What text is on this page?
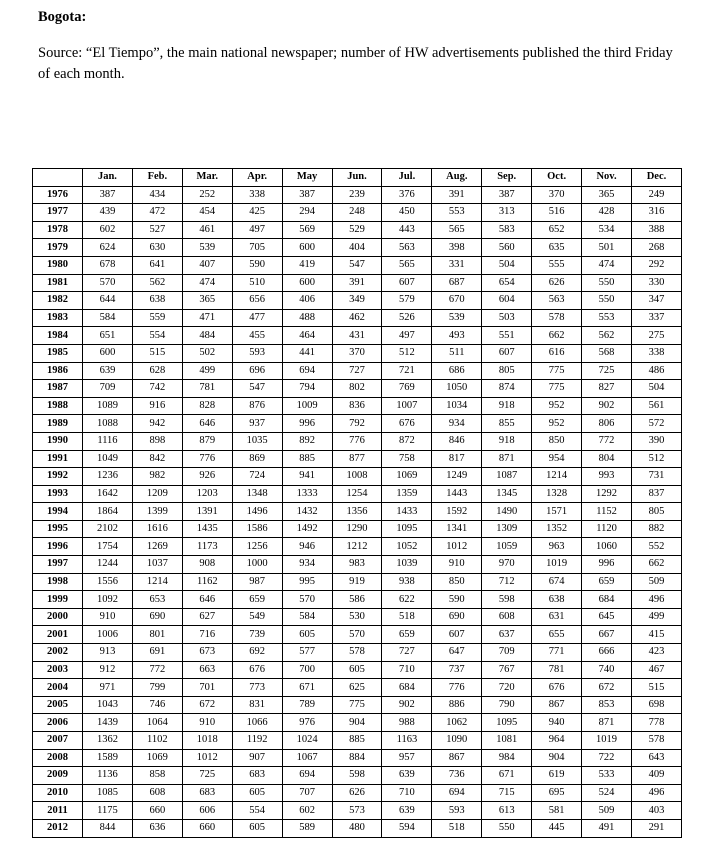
Bogota:

Source: “El Tiempo”, the main national newspaper; number of HW advertisements published the third Friday of each month.

	Jan.	Feb.	Mar.	Apr.	May	Jun.	Jul.	Aug.	Sep.	Oct.	Nov.	Dec.
1976	387	434	252	338	387	239	376	391	387	370	365	249
1977	439	472	454	425	294	248	450	553	313	516	428	316
1978	602	527	461	497	569	529	443	565	583	652	534	388
1979	624	630	539	705	600	404	563	398	560	635	501	268
1980	678	641	407	590	419	547	565	331	504	555	474	292
1981	570	562	474	510	600	391	607	687	654	626	550	330
1982	644	638	365	656	406	349	579	670	604	563	550	347
1983	584	559	471	477	488	462	526	539	503	578	553	337
1984	651	554	484	455	464	431	497	493	551	662	562	275
1985	600	515	502	593	441	370	512	511	607	616	568	338
1986	639	628	499	696	694	727	721	686	805	775	725	486
1987	709	742	781	547	794	802	769	1050	874	775	827	504
1988	1089	916	828	876	1009	836	1007	1034	918	952	902	561
1989	1088	942	646	937	996	792	676	934	855	952	806	572
1990	1116	898	879	1035	892	776	872	846	918	850	772	390
1991	1049	842	776	869	885	877	758	817	871	954	804	512
1992	1236	982	926	724	941	1008	1069	1249	1087	1214	993	731
1993	1642	1209	1203	1348	1333	1254	1359	1443	1345	1328	1292	837
1994	1864	1399	1391	1496	1432	1356	1433	1592	1490	1571	1152	805
1995	2102	1616	1435	1586	1492	1290	1095	1341	1309	1352	1120	882
1996	1754	1269	1173	1256	946	1212	1052	1012	1059	963	1060	552
1997	1244	1037	908	1000	934	983	1039	910	970	1019	996	662
1998	1556	1214	1162	987	995	919	938	850	712	674	659	509
1999	1092	653	646	659	570	586	622	590	598	638	684	496
2000	910	690	627	549	584	530	518	690	608	631	645	499
2001	1006	801	716	739	605	570	659	607	637	655	667	415
2002	913	691	673	692	577	578	727	647	709	771	666	423
2003	912	772	663	676	700	605	710	737	767	781	740	467
2004	971	799	701	773	671	625	684	776	720	676	672	515
2005	1043	746	672	831	789	775	902	886	790	867	853	698
2006	1439	1064	910	1066	976	904	988	1062	1095	940	871	778
2007	1362	1102	1018	1192	1024	885	1163	1090	1081	964	1019	578
2008	1589	1069	1012	907	1067	884	957	867	984	904	722	643
2009	1136	858	725	683	694	598	639	736	671	619	533	409
2010	1085	608	683	605	707	626	710	694	715	695	524	496
2011	1175	660	606	554	602	573	639	593	613	581	509	403
2012	844	636	660	605	589	480	594	518	550	445	491	291
